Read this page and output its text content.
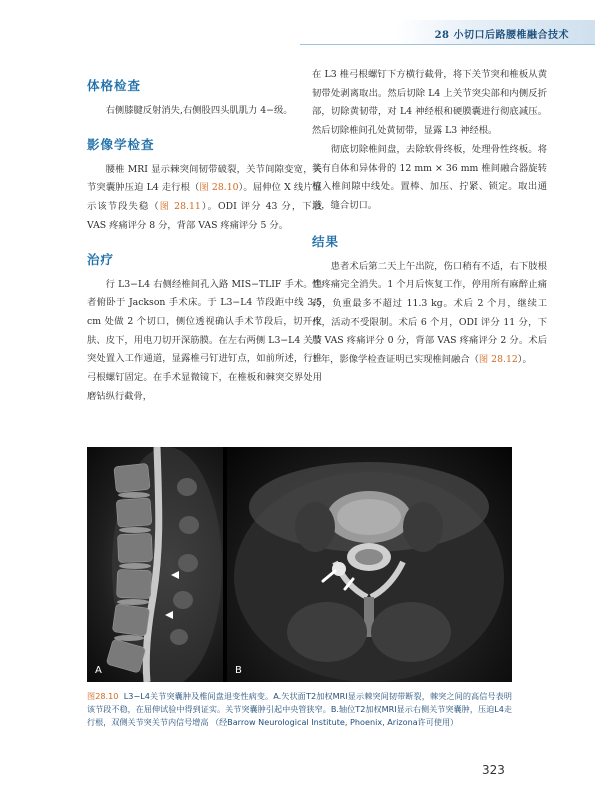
28 小切口后路腰椎融合技术
体格检查

右侧膝腱反射消失,右侧股四头肌肌力 4−级。

影像学检查

腰椎 MRI 显示棘突间韧带破裂，关节间隙变宽，关节突囊肿压迫 L4 走行根（图 28.10）。屈伸位 X 线片显示该节段失稳（图 28.11）。ODI 评分 43 分，下肢 VAS 疼痛评分 8 分，背部 VAS 疼痛评分 5 分。

治疗

行 L3−L4 右侧经椎间孔入路 MIS−TLIF 手术。患者俯卧于 Jackson 手术床。于 L3−L4 节段距中线 3.5 cm 处做 2 个切口，侧位透视确认手术节段后，切开皮肤、皮下，用电刀切开深筋膜。在左右两侧 L3−L4 关节突处置入工作通道，显露椎弓钉进钉点，如前所述，行椎弓根螺钉固定。在手术显微镜下，在椎板和棘突交界处用磨钻纵行截骨，

在 L3 椎弓根螺钉下方横行截骨，将下关节突和椎板从黄韧带处剥离取出。然后切除 L4 上关节突尖部和内侧反折部，切除黄韧带，对 L4 神经根和硬膜囊进行彻底减压。然后切除椎间孔处黄韧带，显露 L3 神经根。

彻底切除椎间盘，去除软骨终板，处理骨性终板。将装有自体和异体骨的 12 mm × 36 mm 椎间融合器旋转植入椎间隙中线处。置棒、加压、拧紧、锁定。取出通道，缝合切口。

结果

患者术后第二天上午出院，伤口稍有不适，右下肢根性疼痛完全消失。1 个月后恢复工作，停用所有麻醉止痛药，负重最多不超过 11.3 kg。术后 2 个月，继续工作，活动不受限制。术后 6 个月，ODI 评分 11 分，下肢 VAS 疼痛评分 0 分，背部 VAS 疼痛评分 2 分。术后 1 年，影像学检查证明已实现椎间融合（图 28.12）。

A	B
图28.10 L3−L4关节突囊肿及椎间盘退变性病变。A.矢状面T2加权MRI显示棘突间韧带断裂，棘突之间的高信号表明该节段不稳，在屈伸试验中得到证实。关节突囊肿引起中央管狭窄。B.轴位T2加权MRI显示右侧关节突囊肿，压迫L4走行根，双侧关节突关节内信号增高 （经Barrow Neurological Institute, Phoenix, Arizona许可使用）
323
